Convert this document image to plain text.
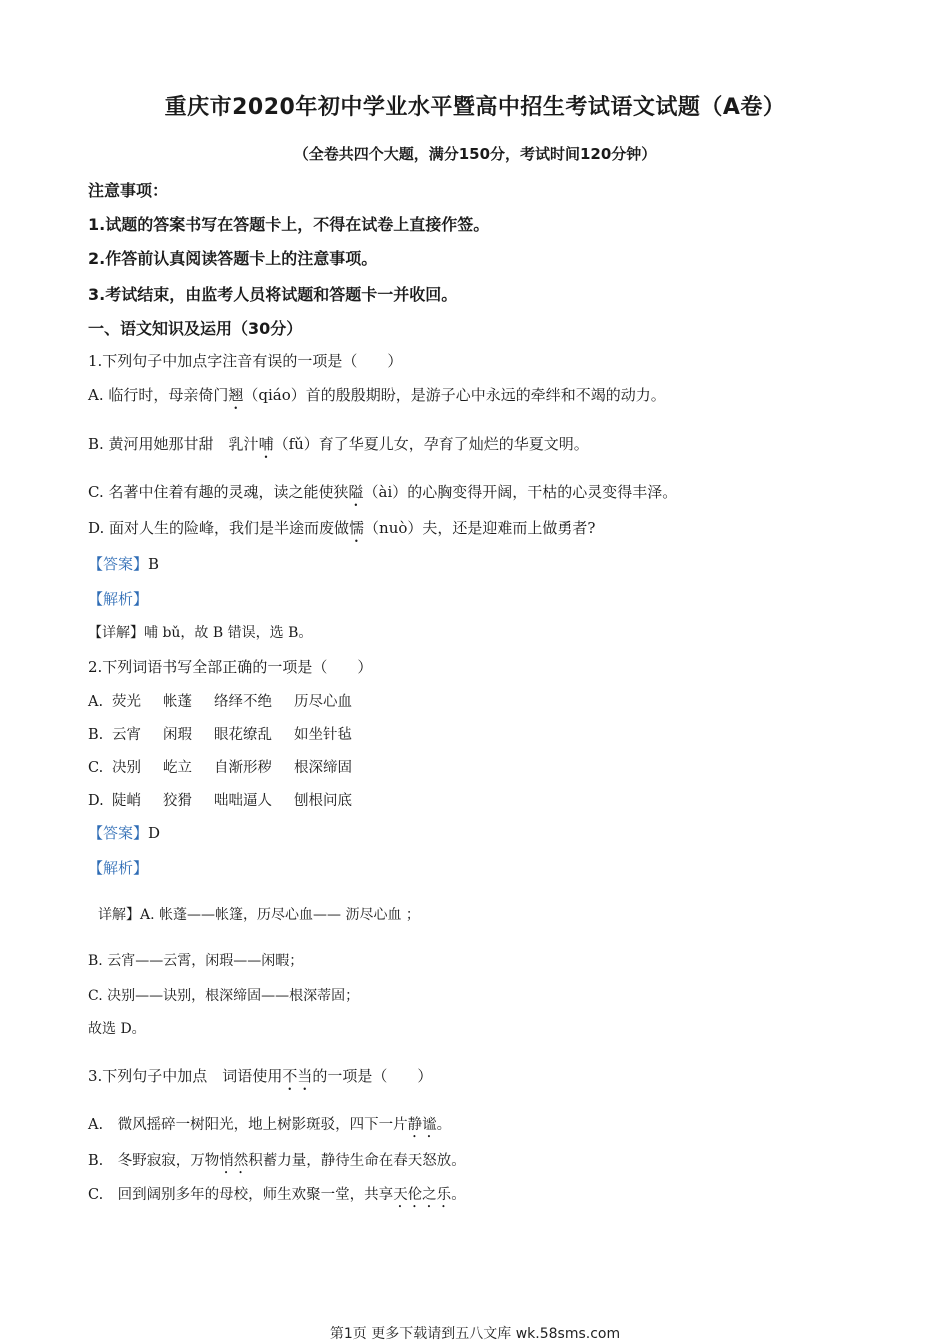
重庆市2020年初中学业水平暨高中招生考试语文试题（A卷）
（全卷共四个大题，满分150分，考试时间120分钟）
注意事项：
1.试题的答案书写在答题卡上，不得在试卷上直接作签。
2.作答前认真阅读答题卡上的注意事项。
3.考试结束，由监考人员将试题和答题卡一并收回。
一、语文知识及运用（30分）
1.下列句子中加点字注音有误的一项是（　　）
A. 临行时，母亲倚门翘（qiáo）首的殷殷期盼，是游子心中永远的牵绊和不竭的动力。
B. 黄河用她那甘甜　乳汁哺（fǔ）育了华夏儿女，孕育了灿烂的华夏文明。
C. 名著中住着有趣的灵魂，读之能使狭隘（ài）的心胸变得开阔，干枯的心灵变得丰泽。
D. 面对人生的险峰，我们是半途而废做懦（nuò）夫，还是迎难而上做勇者?
【答案】B
【解析】
【详解】哺 bǔ，故 B 错误，选 B。
2.下列词语书写全部正确的一项是（　　）
A. 荧光 帐蓬 络绎不绝 历尽心血
B. 云宵 闲瑕 眼花缭乱 如坐针毡
C. 决别 屹立 自渐形秽 根深缔固
D. 陡峭 狡猾 咄咄逼人 刨根问底
【答案】D
【解析】
详解】A. 帐蓬——帐篷，历尽心血—— 沥尽心血 ；
B. 云宵——云霄，闲瑕——闲暇；
C. 决别——诀别，根深缔固——根深蒂固；
故选 D。
3.下列句子中加点　词语使用不当的一项是（　　）
A.　微风摇碎一树阳光，地上树影斑驳，四下一片静谧。
B.　冬野寂寂，万物悄然积蓄力量，静待生命在春天怒放。
C.　回到阔别多年的母校，师生欢聚一堂，共享天伦之乐。
第1页 更多下载请到五八文库 wk.58sms.com
